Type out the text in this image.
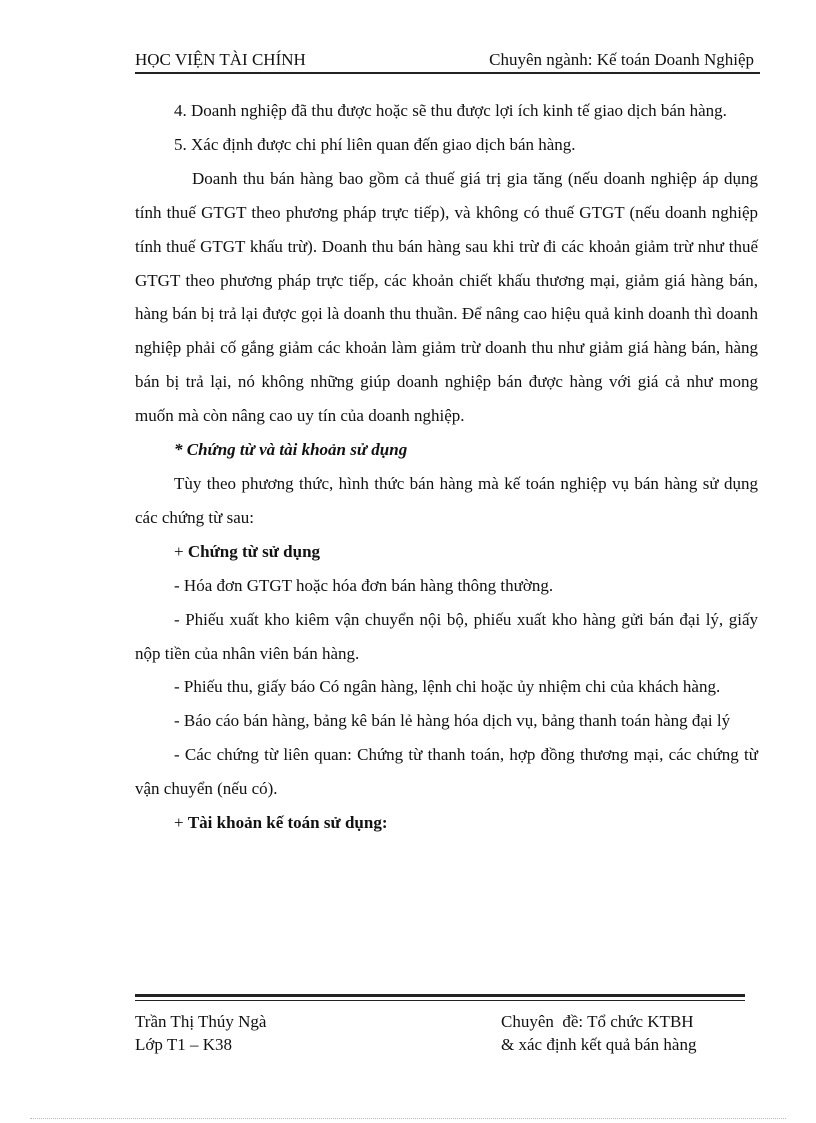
HỌC VIỆN TÀI CHÍNH	Chuyên ngành: Kế toán Doanh Nghiệp

4. Doanh nghiệp đã thu được hoặc sẽ thu được lợi ích kinh tế giao dịch bán hàng.

5. Xác định được chi phí liên quan đến giao dịch bán hàng.

Doanh thu bán hàng bao gồm cả thuế giá trị gia tăng (nếu doanh nghiệp áp dụng tính thuế GTGT theo phương pháp trực tiếp), và không có thuế GTGT (nếu doanh nghiệp tính thuế GTGT khấu trừ). Doanh thu bán hàng sau khi trừ đi các khoản giảm trừ như thuế GTGT theo phương pháp trực tiếp, các khoản chiết khấu thương mại, giảm giá hàng bán, hàng bán bị trả lại được gọi là doanh thu thuần. Để nâng cao hiệu quả kinh doanh thì doanh nghiệp phải cố gắng giảm các khoản làm giảm trừ doanh thu như giảm giá hàng bán, hàng bán bị trả lại, nó không những giúp doanh nghiệp bán được hàng với giá cả như mong muốn mà còn nâng cao uy tín của doanh nghiệp.

* Chứng từ và tài khoản sử dụng

Tùy theo phương thức, hình thức bán hàng mà kế toán nghiệp vụ bán hàng sử dụng các chứng từ sau:

+ Chứng từ sử dụng

- Hóa đơn GTGT hoặc hóa đơn bán hàng thông thường.

- Phiếu xuất kho kiêm vận chuyển nội bộ, phiếu xuất kho hàng gửi bán đại lý, giấy nộp tiền của nhân viên bán hàng.

- Phiếu thu, giấy báo Có ngân hàng, lệnh chi hoặc ủy nhiệm chi của khách hàng.

- Báo cáo bán hàng, bảng kê bán lẻ hàng hóa dịch vụ, bảng thanh toán hàng đại lý

- Các chứng từ liên quan: Chứng từ thanh toán, hợp đồng thương mại, các chứng từ vận chuyển (nếu có).

+ Tài khoản kế toán sử dụng:

Trần Thị Thúy Ngà
Lớp T1 – K38
Chuyên  đề: Tổ chức KTBH
& xác định kết quả bán hàng
